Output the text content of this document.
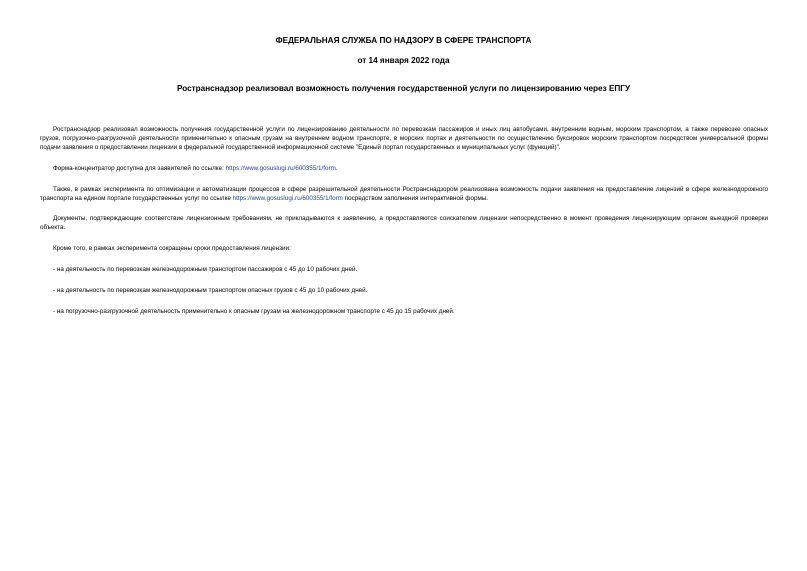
ФЕДЕРАЛЬНАЯ СЛУЖБА ПО НАДЗОРУ В СФЕРЕ ТРАНСПОРТА
от 14 января 2022 года
Ространснадзор реализовал возможность получения государственной услуги по лицензированию через ЕПГУ

Ространснадзор реализовал возможность получения государственной услуги по лицензированию деятельности по перевозкам пассажиров и иных лиц автобусами, внутренним водным, морским транспортом, а также перевозке опасных грузов, погрузочно-разгрузочной деятельности применительно к опасным грузам на внутреннем водном транспорте, в морских портах и деятельности по осуществлению буксировок морским транспортом посредством универсальной формы подачи заявления о предоставлении лицензии в федеральной государственной информационной системе "Единый портал государственных и муниципальных услуг (функций)".

Форма-концентратор доступна для заявителей по ссылке: https://www.gosuslugi.ru/600355/1/form.

Также, в рамках эксперимента по оптимизации и автоматизации процессов в сфере разрешительной деятельности Ространснадзором реализована возможность подачи заявления на предоставление лицензий в сфере железнодорожного транспорта на едином портале государственных услуг по ссылке https://www.gosuslugi.ru/600355/1/form посредством заполнения интерактивной формы.

Документы, подтверждающие соответствие лицензионным требованиям, не прикладываются к заявлению, а предоставляются соискателем лицензии непосредственно в момент проведения лицензирующим органом выездной проверки объекта.

Кроме того, в рамках эксперимента сокращены сроки предоставления лицензии:

- на деятельность по перевозкам железнодорожным транспортом пассажиров с 45 до 10 рабочих дней.

- на деятельность по перевозкам железнодорожным транспортом опасных грузов с 45 до 10 рабочих дней.

- на погрузочно-разгрузочной деятельность применительно к опасным грузам на железнодорожном транспорте с 45 до 15 рабочих дней.
